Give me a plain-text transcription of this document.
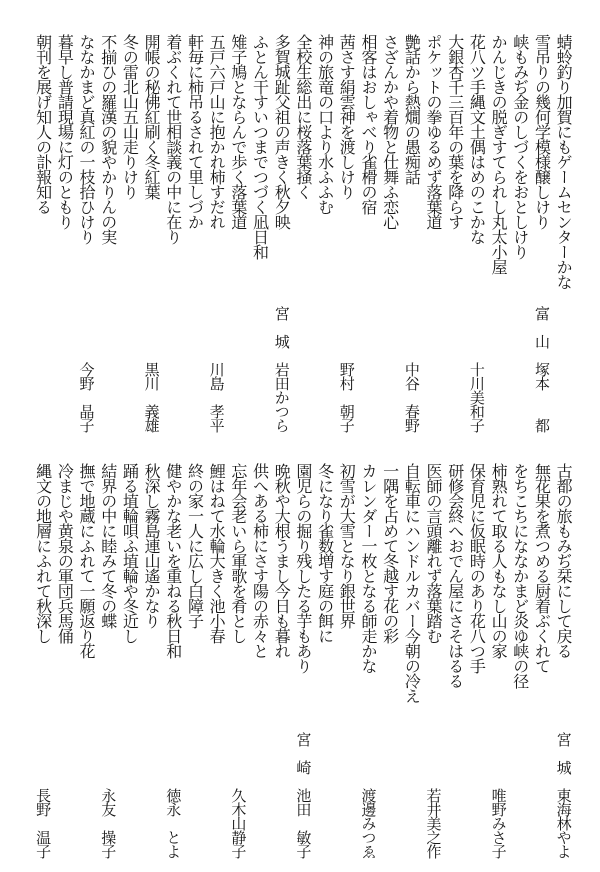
蜻蛉釣り加賀にもゲームセンターかな
雪吊りの幾何学模様醸しけり
富山
塚本　　都
峡もみぢ金のしづくをおとしけり
かんじきの脱ぎすてられし丸太小屋
花八ツ手縄文土偶はめのこかな
十川美和子
大銀杏千三百年の葉を降らす
ポケットの拳ゆるめず落葉道
艶話から熱燗の愚痴話
中谷　春野
さざんかや着物と仕舞ふ恋心
相客はおしゃべり雀榾の宿
茜さす絹雲神を渡しけり
野村　朝子
神の旅竜の口より水ふふむ
全校生総出に桜落葉掻く
多賀城趾父祖の声きく秋夕映
宮城
岩田かつら
ふとん干すいつまでつづく凪日和
雉子鳩とならんで歩く落葉道
五戸六戸山に抱かれ柿すだれ
川島　孝平
軒毎に柿吊るされて里しづか
着ぶくれて世相談義の中に在り
開帳の秘佛紅刷く冬紅葉
黒川　義雄
冬の雷北山五山走りけり
不揃ひの羅漢の貌やかりんの実
ななかまど真紅の一枝拾ひけり
今野　晶子
暮早し普請現場に灯のともり
朝刊を展げ知人の訃報知る
古都の旅もみぢ栞にして戻る
宮城
東海林やよ
無花果を煮つめる厨着ぶくれて
をちこちにななかまど炎ゆ峡の径
柿熟れて取る人もなし山の家
唯野みさ子
保育児に仮眠時のあり花八つ手
研修会終へおでん屋にさそはるる
医師の言頭離れず落葉踏む
若井美之作
自転車にハンドルカバー今朝の冷え
一隅を占めて冬越す花の彩
カレンダー一枚となる師走かな
渡邊みつゑ
初雪が大雪となり銀世界
冬になり雀数増す庭の餌に
園児らの掘り残したる芋もあり
宮崎
池田　敏子
晩秋や大根うまし今日も暮れ
供へある柿にさす陽の赤々と
忘年会老いら軍歌を肴とし
久木山静子
鯉はねて水輪大きく池小春
終の家一人に広し白障子
健やかな老いを重ねる秋日和
徳永　とよ
秋深し霧島連山遙かなり
踊る埴輪唄ふ埴輪や冬近し
結界の中に睦みて冬の蝶
永友　操子
撫で地蔵にふれて一願返り花
冷まじや黄泉の軍団兵馬俑
縄文の地層にふれて秋深し
長野　温子
